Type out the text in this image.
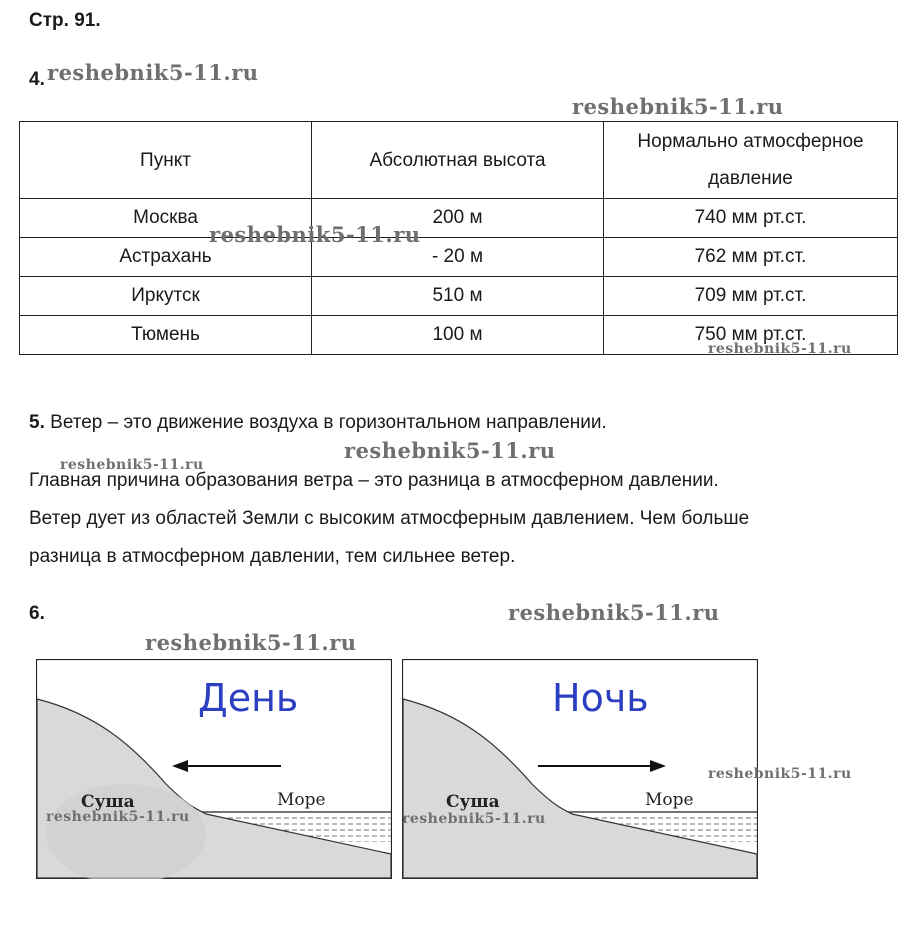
Стр. 91.
4. reshebnik5-11.ru
reshebnik5-11.ru
Пункт	Абсолютная высота	Нормально атмосферное давление
Москва	200 м	740 мм рт.ст.
Астрахань	- 20 м	762 мм рт.ст.
Иркутск	510 м	709 мм рт.ст.
Тюмень	100 м	750 мм рт.ст.
reshebnik5-11.ru
reshebnik5-11.ru
5. Ветер – это движение воздуха в горизонтальном направлении.
reshebnik5-11.ru
reshebnik5-11.ru
Главная причина образования ветра – это разница в атмосферном давлении.
Ветер дует из областей Земли с высоким атмосферным давлением. Чем больше
разница в атмосферном давлении, тем сильнее ветер.
6.	reshebnik5-11.ru
reshebnik5-11.ru
День
Суша	Море
Ночь
Суша	Море
reshebnik5-11.ru	reshebnik5-11.ru
reshebnik5-11.ru
